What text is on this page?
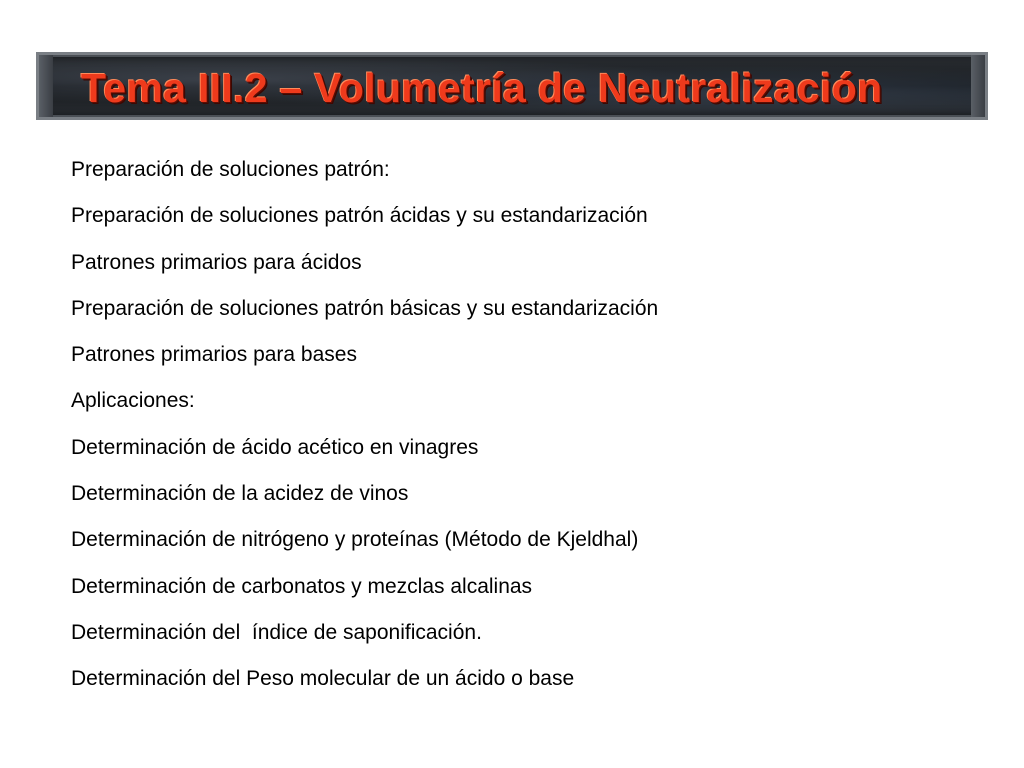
Tema III.2 – Volumetría de Neutralización
Preparación de soluciones patrón:
Preparación de soluciones patrón ácidas y su estandarización
Patrones primarios para ácidos
Preparación de soluciones patrón básicas y su estandarización
Patrones primarios para bases
Aplicaciones:
Determinación de ácido acético en vinagres
Determinación de la acidez de vinos
Determinación de nitrógeno y proteínas (Método de Kjeldhal)
Determinación de carbonatos y mezclas alcalinas
Determinación del  índice de saponificación.
Determinación del Peso molecular de un ácido o base
